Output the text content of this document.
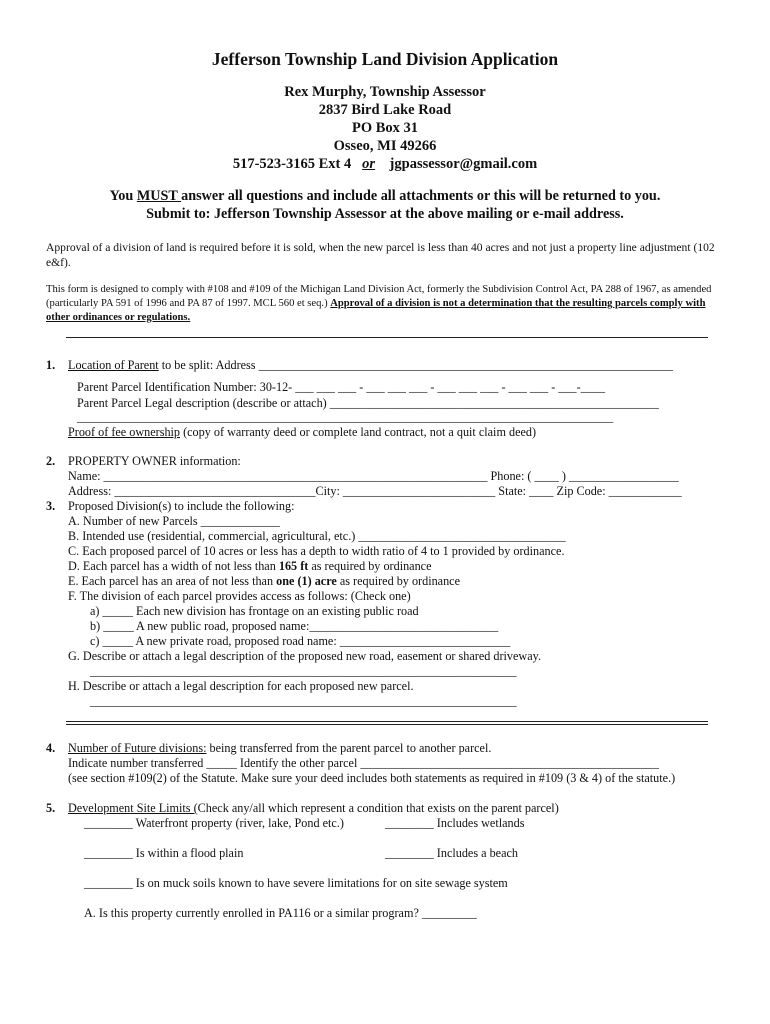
Jefferson Township Land Division Application
Rex Murphy, Township Assessor
2837 Bird Lake Road
PO Box 31
Osseo, MI 49266
517-523-3165 Ext 4 or jgpassessor@gmail.com
You MUST answer all questions and include all attachments or this will be returned to you.
Submit to: Jefferson Township Assessor at the above mailing or e-mail address.
Approval of a division of land is required before it is sold, when the new parcel is less than 40 acres and not just a property line adjustment (102 e&f).
This form is designed to comply with #108 and #109 of the Michigan Land Division Act, formerly the Subdivision Control Act, PA 288 of 1967, as amended (particularly PA 591 of 1996 and PA 87 of 1997. MCL 560 et seq.) Approval of a division is not a determination that the resulting parcels comply with other ordinances or regulations.
1. Location of Parent to be split: Address ____________________________________________________________________
Parent Parcel Identification Number: 30-12- ___ ___ ___ - ___ ___ ___ - ___ ___ ___ - ___ ___ - ___-____
Parent Parcel Legal description (describe or attach) ______________________________________________________
________________________________________________________________________________________
Proof of fee ownership (copy of warranty deed or complete land contract, not a quit claim deed)
2. PROPERTY OWNER information:
Name: _______________________________________________________________ Phone: ( ____ ) __________________
Address: _________________________________City: _________________________ State: ____ Zip Code: ____________
3. Proposed Division(s) to include the following:
A. Number of new Parcels _____________
B. Intended use (residential, commercial, agricultural, etc.) __________________________________
C. Each proposed parcel of 10 acres or less has a depth to width ratio of 4 to 1 provided by ordinance.
D. Each parcel has a width of not less than 165 ft as required by ordinance
E. Each parcel has an area of not less than one (1) acre as required by ordinance
F. The division of each parcel provides access as follows: (Check one)
a) _____ Each new division has frontage on an existing public road
b) _____ A new public road, proposed name:_______________________________
c) _____ A new private road, proposed road name: ____________________________
G. Describe or attach a legal description of the proposed new road, easement or shared driveway.
______________________________________________________________________
H. Describe or attach a legal description for each proposed new parcel.
______________________________________________________________________
4. Number of Future divisions: being transferred from the parent parcel to another parcel.
Indicate number transferred _____ Identify the other parcel _________________________________________________
(see section #109(2) of the Statute. Make sure your deed includes both statements as required in #109 (3 & 4) of the statute.)
5. Development Site Limits (Check any/all which represent a condition that exists on the parent parcel)
________ Waterfront property (river, lake, Pond etc.)	________ Includes wetlands
________ Is within a flood plain	________ Includes a beach
________ Is on muck soils known to have severe limitations for on site sewage system
A. Is this property currently enrolled in PA116 or a similar program? _________
